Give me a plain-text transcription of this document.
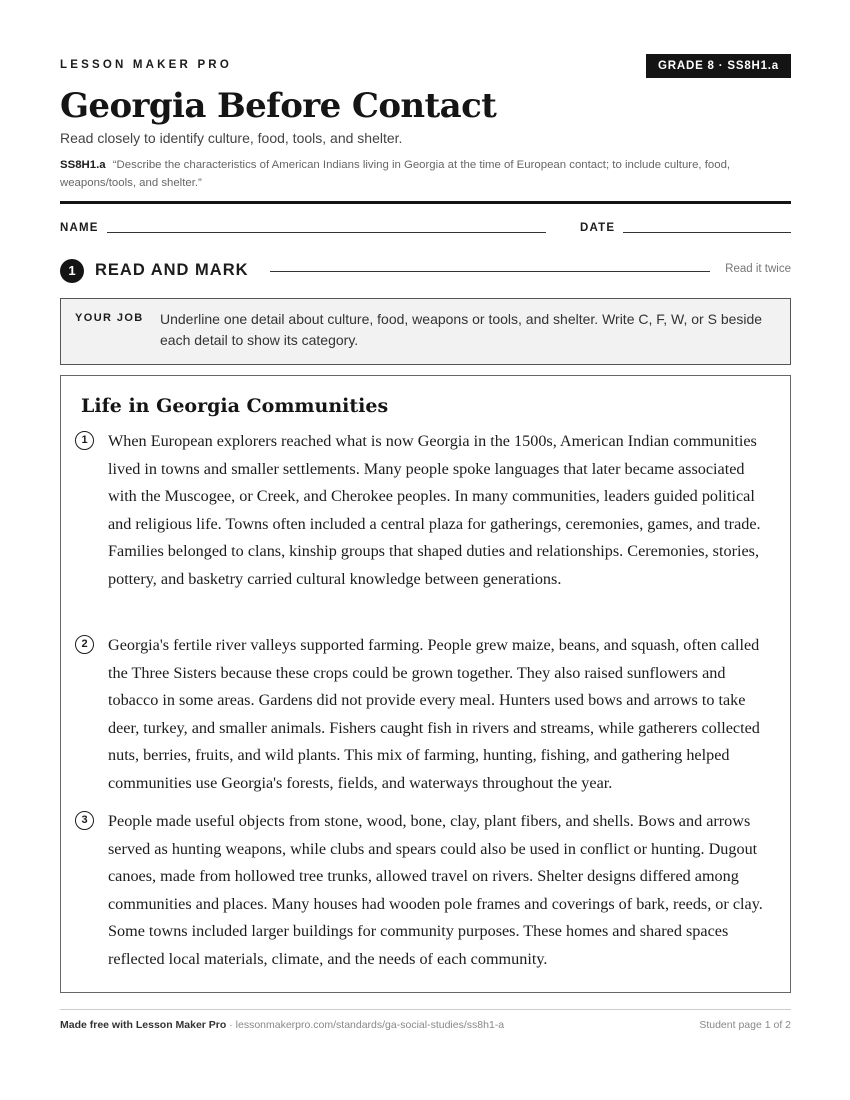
LESSON MAKER PRO	GRADE 8 · SS8H1.a
Georgia Before Contact
Read closely to identify culture, food, tools, and shelter.
SS8H1.a “Describe the characteristics of American Indians living in Georgia at the time of European contact; to include culture, food, weapons/tools, and shelter.”
NAME	DATE
1	READ AND MARK	Read it twice
YOUR JOB Underline one detail about culture, food, weapons or tools, and shelter. Write C, F, W, or S beside each detail to show its category.
Life in Georgia Communities
1	When European explorers reached what is now Georgia in the 1500s, American Indian communities lived in towns and smaller settlements. Many people spoke languages that later became associated with the Muscogee, or Creek, and Cherokee peoples. In many communities, leaders guided political and religious life. Towns often included a central plaza for gatherings, ceremonies, games, and trade. Families belonged to clans, kinship groups that shaped duties and relationships. Ceremonies, stories, pottery, and basketry carried cultural knowledge between generations.

2	Georgia's fertile river valleys supported farming. People grew maize, beans, and squash, often called the Three Sisters because these crops could be grown together. They also raised sunflowers and tobacco in some areas. Gardens did not provide every meal. Hunters used bows and arrows to take deer, turkey, and smaller animals. Fishers caught fish in rivers and streams, while gatherers collected nuts, berries, fruits, and wild plants. This mix of farming, hunting, fishing, and gathering helped communities use Georgia's forests, fields, and waterways throughout the year.

3	People made useful objects from stone, wood, bone, clay, plant fibers, and shells. Bows and arrows served as hunting weapons, while clubs and spears could also be used in conflict or hunting. Dugout canoes, made from hollowed tree trunks, allowed travel on rivers. Shelter designs differed among communities and places. Many houses had wooden pole frames and coverings of bark, reeds, or clay. Some towns included larger buildings for community purposes. These homes and shared spaces reflected local materials, climate, and the needs of each community.

Made free with Lesson Maker Pro · lessonmakerpro.com/standards/ga-social-studies/ss8h1-a	Student page 1 of 2
